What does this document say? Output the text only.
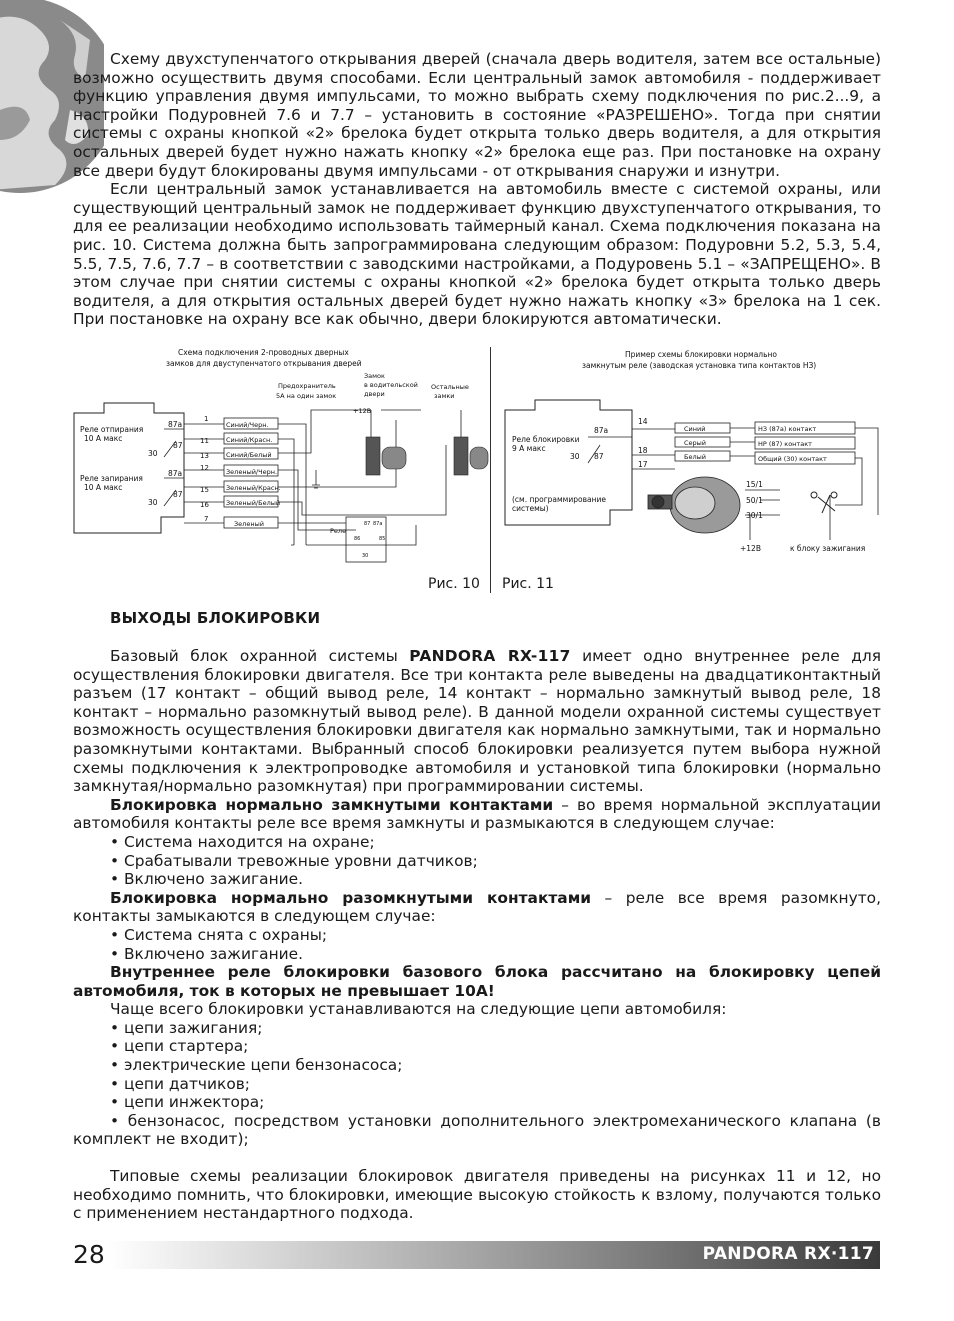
Схему двухступенчатого открывания дверей (сначала дверь водителя, затем все остальные) возможно осуществить двумя способами. Если центральный замок автомобиля - поддерживает функцию управления двумя импульсами, то можно выбрать схему подключения по рис.2...9, а настройки Подуровней 7.6 и 7.7 – установить в состояние «РАЗРЕШЕНО». Тогда при снятии системы с охраны кнопкой «2» брелока будет открыта только дверь водителя, а для открытия остальных дверей будет нужно нажать кнопку «2» брелока еще раз. При постановке на охрану все двери будут блокированы двумя импульсами - от открывания снаружи и изнутри.

Если центральный замок устанавливается на автомобиль вместе с системой охраны, или существующий центральный замок не поддерживает функцию двухступенчатого открывания, то для ее реализации необходимо использовать таймерный канал. Схема подключения показана на рис. 10. Система должна быть запрограммирована следующим образом: Подуровни 5.2, 5.3, 5.4, 5.5, 7.5, 7.6, 7.7 – в соответствии с заводскими настройками, а Подуровень 5.1 – «ЗАПРЕЩЕНО». В этом случае при снятии системы с охраны кнопкой «2» брелока будет открыта только дверь водителя, а для открытия остальных дверей будет нужно нажать кнопку «3» брелока на 1 сек. При постановке на охрану все как обычно, двери блокируются автоматически.

Схема подключения 2-проводных дверных
замков для двуступенчатого открывания дверей
Предохранитель
5А на один замок
Замок
в водительской
двери
Остальные
замки
+12В
Реле отпирания
10 А макс
Реле запирания
10 А макс
87а
87
30
87а
87
30
1
11
13
12
15
16
7
Синий/Черн.
Синий/Красн.
Синий/Белый
Зеленый/Черн.
Зеленый/Красн.
Зеленый/Белый
Зеленый
Реле
87 87a
86	85
30
Рис. 10 Рис. 11
Пример схемы блокировки нормально
замкнутым реле (заводская установка типа контактов НЗ)
Реле блокировки
9 А макс
87а
30 87
(см. программирование
системы)
14
18
17
Синий
Серый
Белый
НЗ (87а) контакт
НР (87) контакт
Общий (30) контакт
15/1
50/1
30/1
+12В	к блоку зажигания
ВЫХОДЫ БЛОКИРОВКИ

Базовый блок охранной системы PANDORA RX-117 имеет одно внутреннее реле для осуществления блокировки двигателя. Все три контакта реле выведены на двадцатиконтактный разъем (17 контакт – общий вывод реле, 14 контакт – нормально замкнутый вывод реле, 18 контакт – нормально разомкнутый вывод реле). В данной модели охранной системы существует возможность осуществления блокировки двигателя как нормально замкнутыми, так и нормально разомкнутыми контактами. Выбранный способ блокировки реализуется путем выбора нужной схемы подключения к электропроводке автомобиля и установкой типа блокировки (нормально замкнутая/нормально разомкнутая) при программировании системы.

Блокировка нормально замкнутыми контактами – во время нормальной эксплуатации автомобиля контакты реле все время замкнуты и размыкаются в следующем случае:

• Система находится на охране;

• Срабатывали тревожные уровни датчиков;

• Включено зажигание.

Блокировка нормально разомкнутыми контактами – реле все время разомкнуто, контакты замыкаются в следующем случае:

• Система снята с охраны;

• Включено зажигание.

Внутреннее реле блокировки базового блока рассчитано на блокировку цепей автомобиля, ток в которых не превышает 10А!

Чаще всего блокировки устанавливаются на следующие цепи автомобиля:

• цепи зажигания;

• цепи стартера;

• электрические цепи бензонасоса;

• цепи датчиков;

• цепи инжектора;

• бензонасос, посредством установки дополнительного электромеханического клапана (в комплект не входит);

Типовые схемы реализации блокировок двигателя приведены на рисунках 11 и 12, но необходимо помнить, что блокировки, имеющие высокую стойкость к взлому, получаются только с применением нестандартного подхода.

28	PANDORA RX·117
